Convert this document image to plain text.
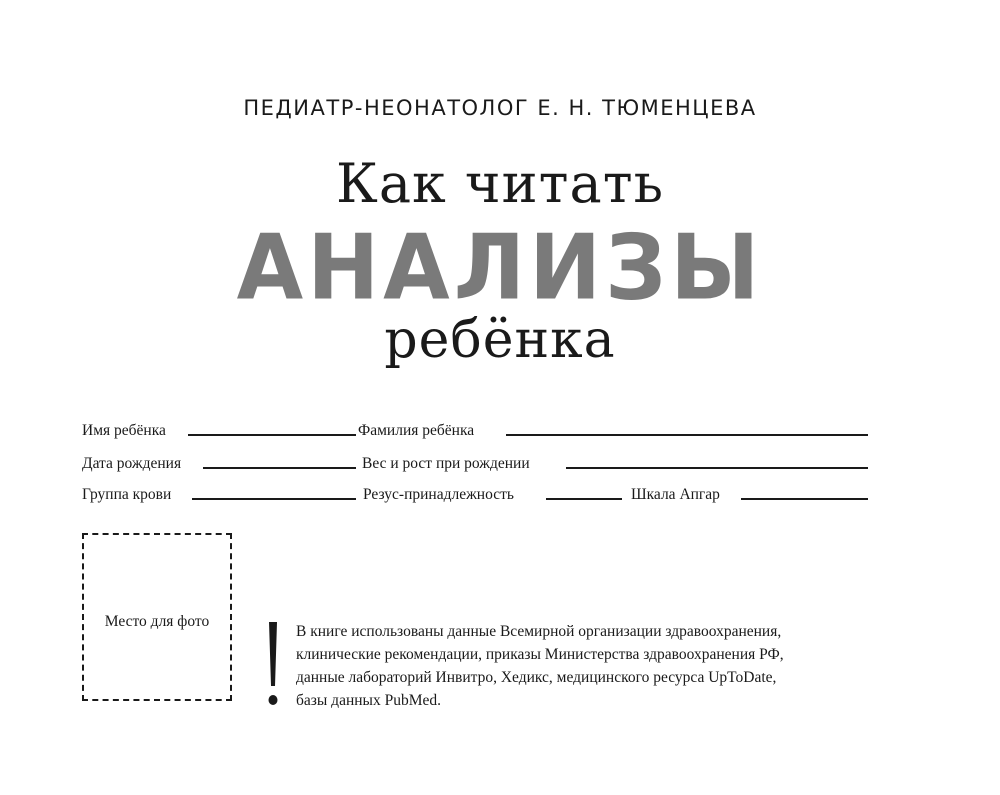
ПЕДИАТР-НЕОНАТОЛОГ Е. Н. ТЮМЕНЦЕВА
Как читать
АНАЛИЗЫ
ребёнка
Имя ребёнка	Фамилия ребёнка
Дата рождения	Вес и рост при рождении
Группа крови	Резус-принадлежность	Шкала Апгар
Место для фото
В книге использованы данные Всемирной организации здравоохранения,
клинические рекомендации, приказы Министерства здравоохранения РФ,
данные лабораторий Инвитро, Хедикс, медицинского ресурса UpToDate,
базы данных PubMed.
